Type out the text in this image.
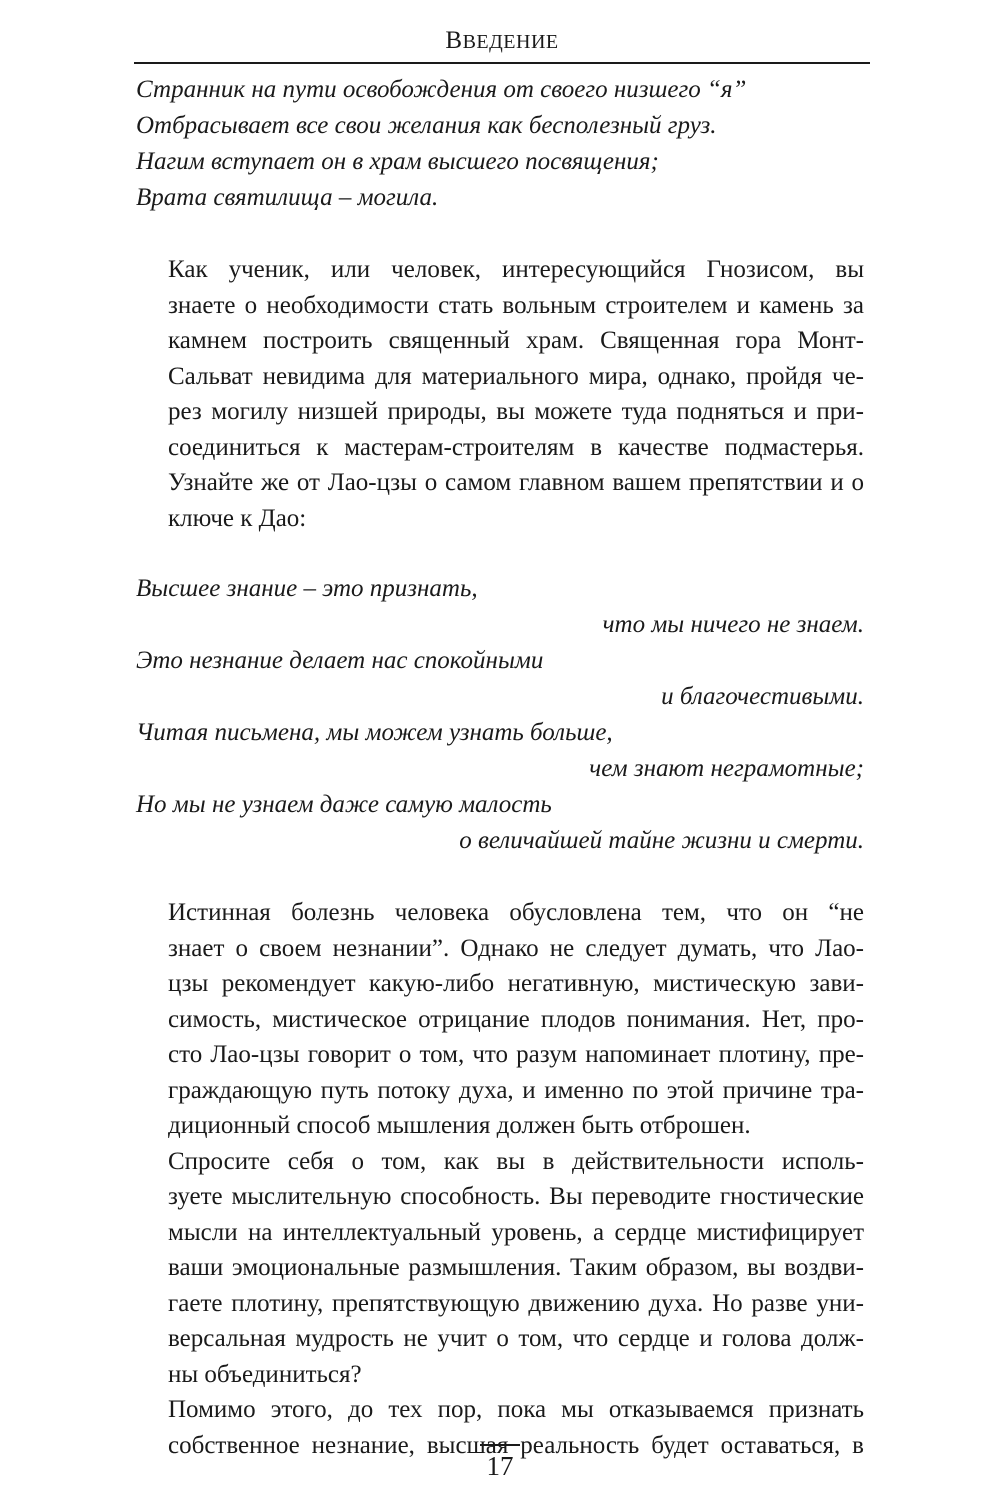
ВВЕДЕНИЕ
Странник на пути освобождения от своего низшего “я”
Отбрасывает все свои желания как бесполезный груз.
Нагим вступает он в храм высшего посвящения;
Врата святилища – могила.
Как ученик, или человек, интересующийся Гнозисом, вы
знаете о необходимости стать вольным строителем и камень за
камнем построить священный храм. Священная гора Монт-
Сальват невидима для материального мира, однако, пройдя че-
рез могилу низшей природы, вы можете туда подняться и при-
соединиться к мастерам-строителям в качестве подмастерья.
Узнайте же от Лао-цзы о самом главном вашем препятствии и о
ключе к Дао:
Высшее знание – это признать,
что мы ничего не знаем.
Это незнание делает нас спокойными
и благочестивыми.
Читая письмена, мы можем узнать больше,
чем знают неграмотные;
Но мы не узнаем даже самую малость
о величайшей тайне жизни и смерти.
Истинная болезнь человека обусловлена тем, что он “не
знает о своем незнании”. Однако не следует думать, что Лао-
цзы рекомендует какую-либо негативную, мистическую зави-
симость, мистическое отрицание плодов понимания. Нет, про-
сто Лао-цзы говорит о том, что разум напоминает плотину, пре-
граждающую путь потоку духа, и именно по этой причине тра-
диционный способ мышления должен быть отброшен.
Спросите себя о том, как вы в действительности исполь-
зуете мыслительную способность. Вы переводите гностические
мысли на интеллектуальный уровень, а сердце мистифицирует
ваши эмоциональные размышления. Таким образом, вы воздви-
гаете плотину, препятствующую движению духа. Но разве уни-
версальная мудрость не учит о том, что сердце и голова долж-
ны объединиться?
Помимо этого, до тех пор, пока мы отказываемся признать
собственное незнание, высшая реальность будет оставаться, в
17
